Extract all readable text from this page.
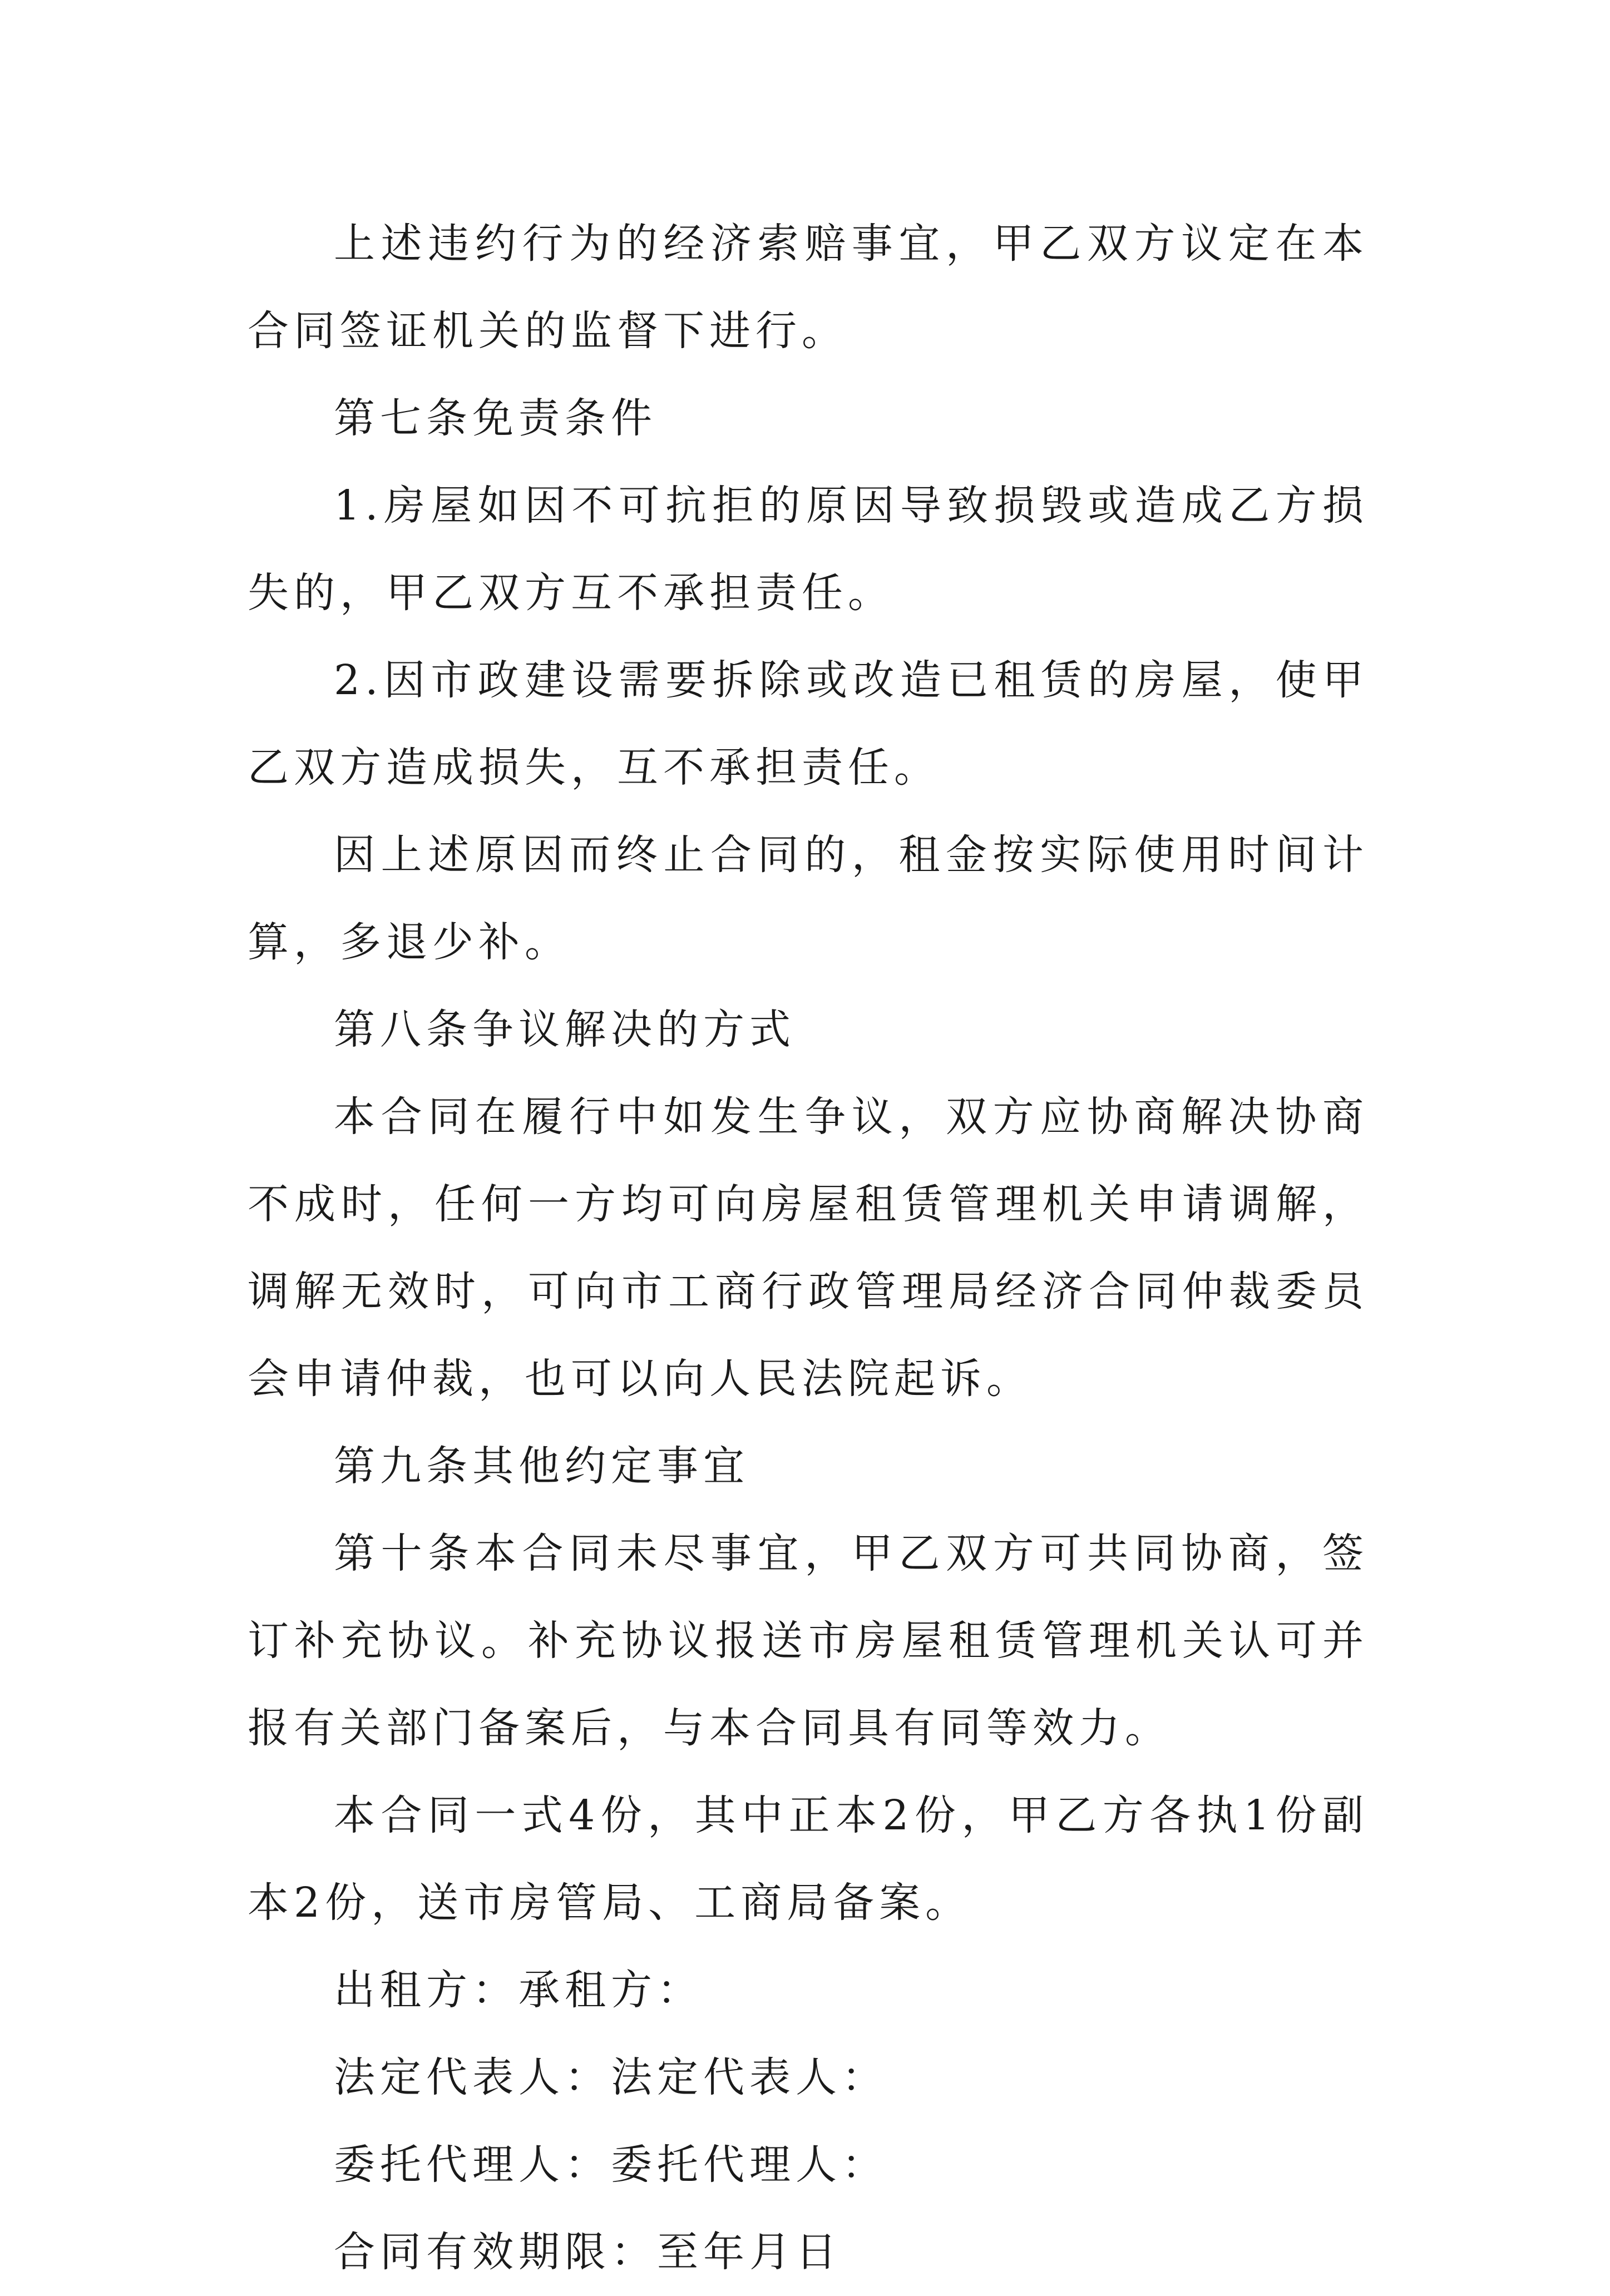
上述违约行为的经济索赔事宜，甲乙双方议定在本合同签证机关的监督下进行。

第七条免责条件

1.房屋如因不可抗拒的原因导致损毁或造成乙方损失的，甲乙双方互不承担责任。

2.因市政建设需要拆除或改造已租赁的房屋，使甲乙双方造成损失，互不承担责任。

因上述原因而终止合同的，租金按实际使用时间计算，多退少补。

第八条争议解决的方式

本合同在履行中如发生争议，双方应协商解决协商不成时，任何一方均可向房屋租赁管理机关申请调解，调解无效时，可向市工商行政管理局经济合同仲裁委员会申请仲裁，也可以向人民法院起诉。

第九条其他约定事宜

第十条本合同未尽事宜，甲乙双方可共同协商，签订补充协议。补充协议报送市房屋租赁管理机关认可并报有关部门备案后，与本合同具有同等效力。

本合同一式4份，其中正本2份，甲乙方各执1份副本2份，送市房管局、工商局备案。

出租方：承租方：

法定代表人：法定代表人：

委托代理人：委托代理人：

合同有效期限：至年月日
